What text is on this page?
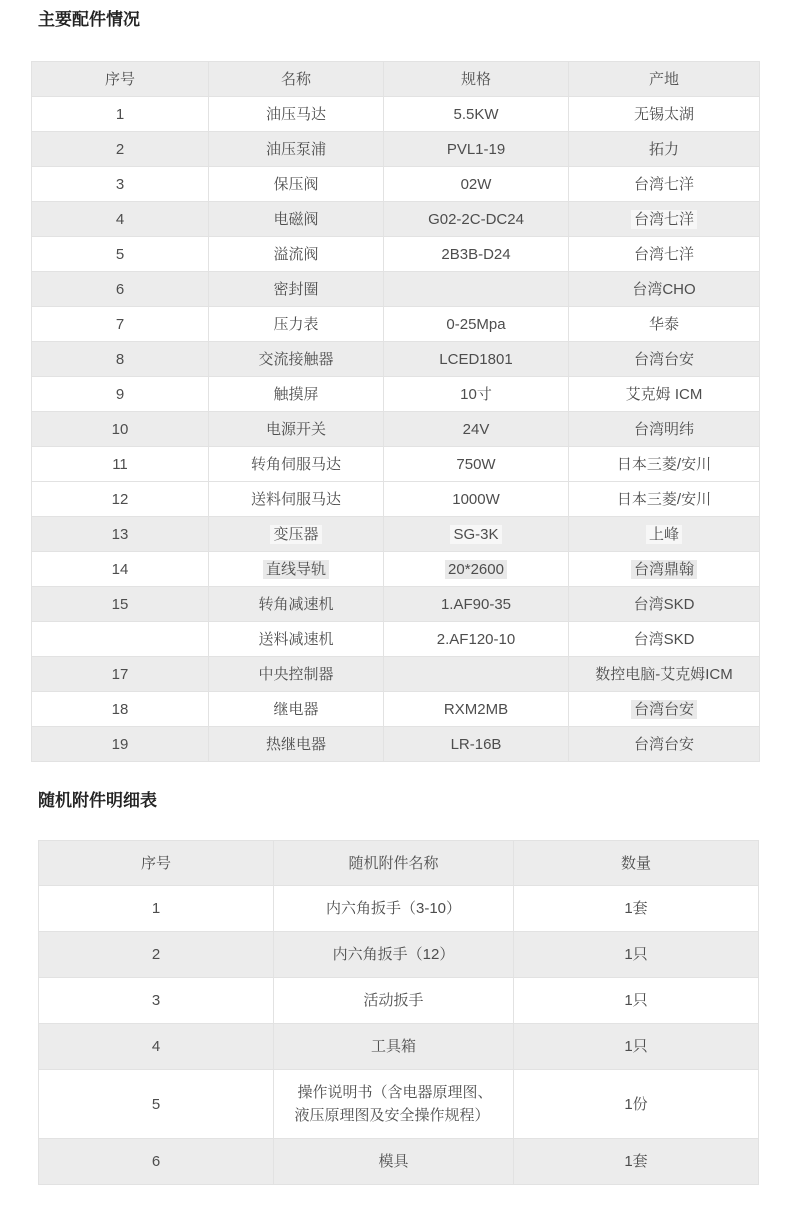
主要配件情况
序号	名称	规格	产地
1	油压马达	5.5KW	无锡太湖
2	油压泵浦	PVL1-19	拓力
3	保压阀	02W	台湾七洋
4	电磁阀	G02-2C-DC24	台湾七洋
5	溢流阀	2B3B-D24	台湾七洋
6	密封圈		台湾CHO
7	压力表	0-25Mpa	华泰
8	交流接触器	LCED1801	台湾台安
9	触摸屏	10寸	艾克姆 ICM
10	电源开关	24V	台湾明纬
11	转角伺服马达	750W	日本三菱/安川
12	送料伺服马达	1000W	日本三菱/安川
13	变压器	SG-3K	上峰
14	直线导轨	20*2600	台湾鼎翰
15	转角减速机	1.AF90-35	台湾SKD
	送料减速机	2.AF120-10	台湾SKD
17	中央控制器		数控电脑-艾克姆ICM
18	继电器	RXM2MB	台湾台安
19	热继电器	LR-16B	台湾台安
随机附件明细表
序号	随机附件名称	数量
1	内六角扳手（3-10）	1套
2	内六角扳手（12）	1只
3	活动扳手	1只
4	工具箱	1只
5	操作说明书（含电器原理图、液压原理图及安全操作规程）	1份
6	模具	1套
